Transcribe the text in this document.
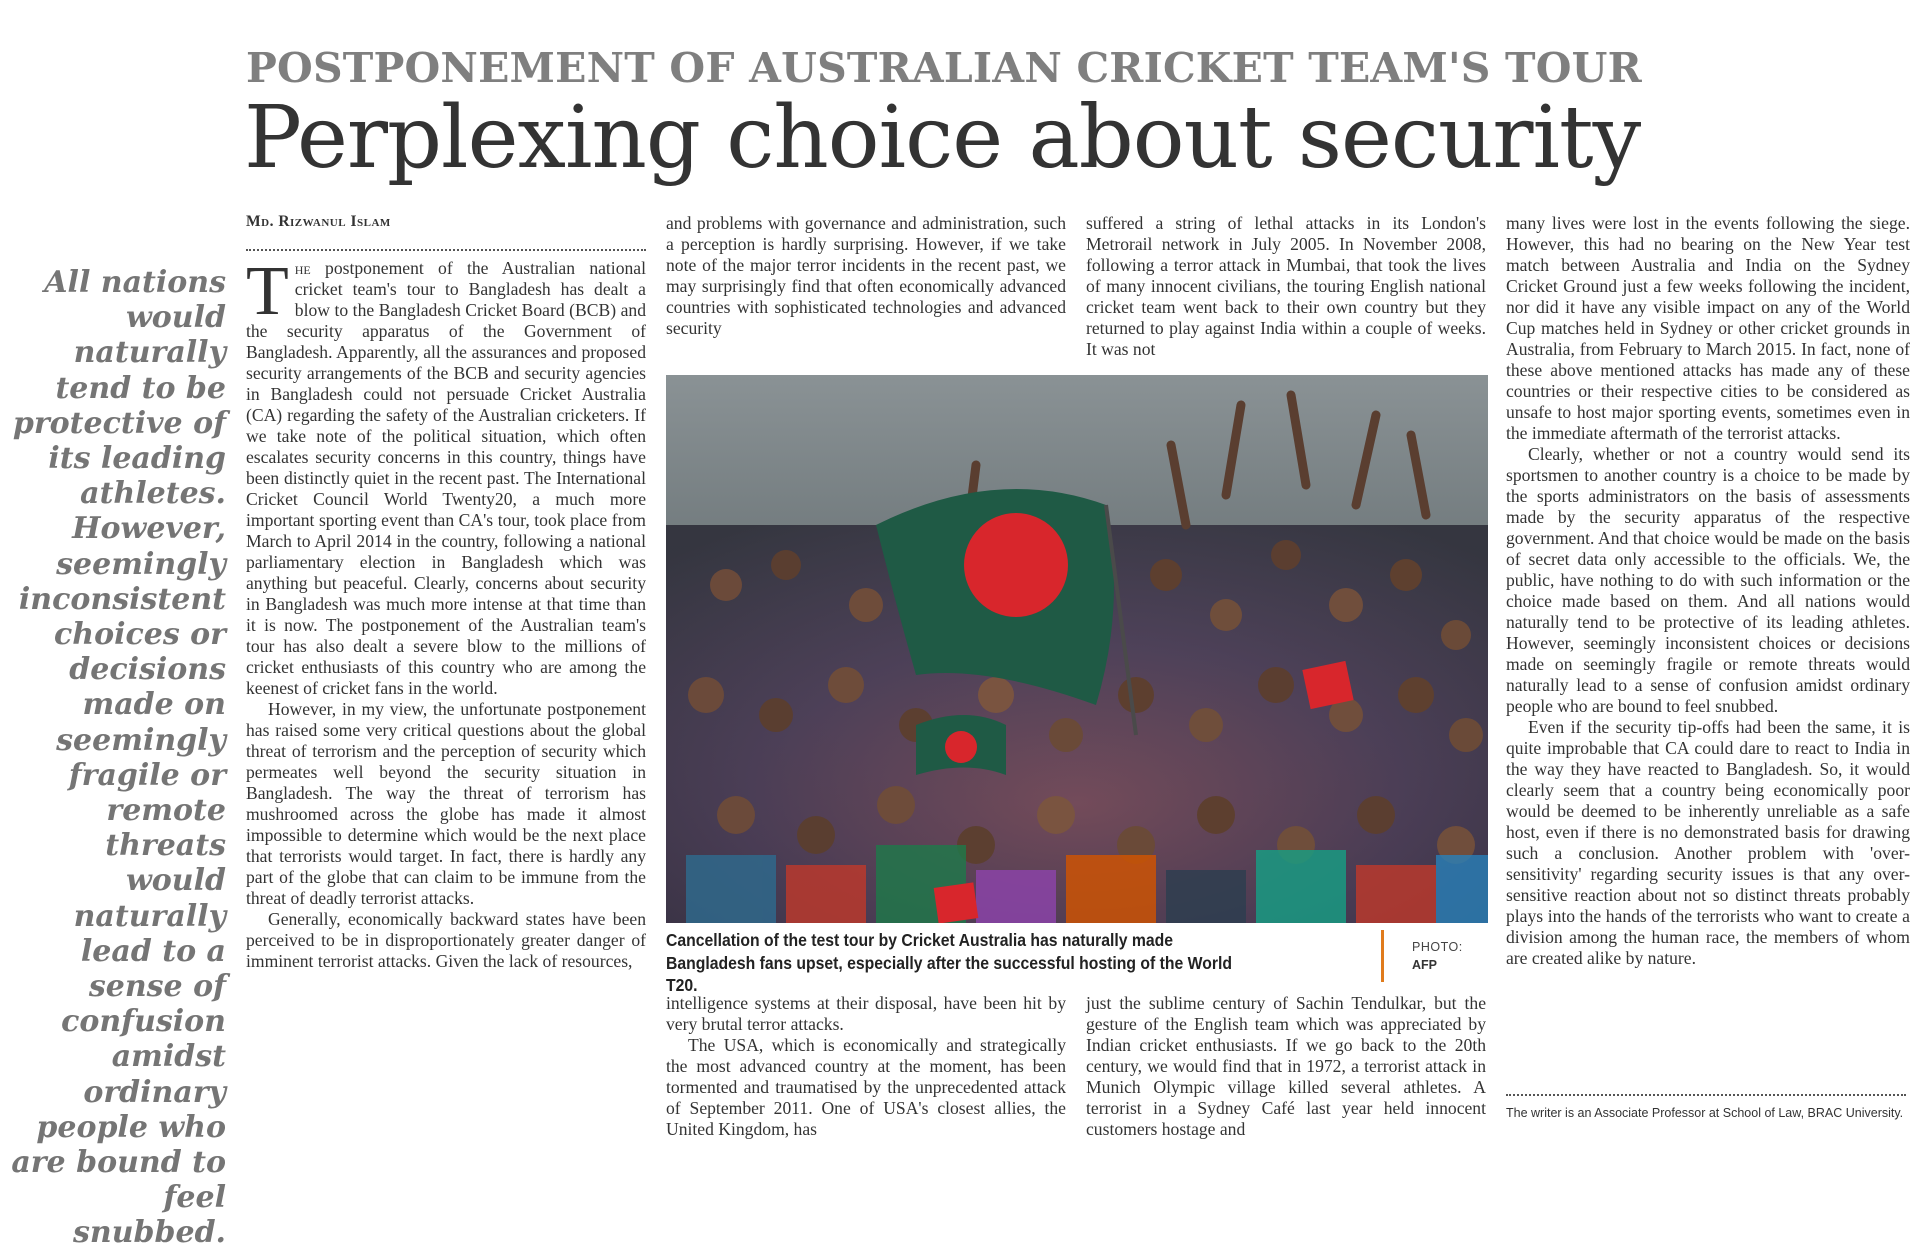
POSTPONEMENT OF AUSTRALIAN CRICKET TEAM'S TOUR
Perplexing choice about security
All nations would naturally tend to be protective of its leading athletes. However, seemingly inconsistent choices or decisions made on seemingly fragile or remote threats would naturally lead to a sense of confusion amidst ordinary people who are bound to feel snubbed.
Md. Rizwanul Islam

The postponement of the Australian national cricket team's tour to Bangladesh has dealt a blow to the Bangladesh Cricket Board (BCB) and the security apparatus of the Government of Bangladesh. Apparently, all the assurances and proposed security arrangements of the BCB and security agencies in Bangladesh could not persuade Cricket Australia (CA) regarding the safety of the Australian cricketers. If we take note of the political situation, which often escalates security concerns in this country, things have been distinctly quiet in the recent past. The International Cricket Council World Twenty20, a much more important sporting event than CA's tour, took place from March to April 2014 in the country, following a national parliamentary election in Bangladesh which was anything but peaceful. Clearly, concerns about security in Bangladesh was much more intense at that time than it is now. The postponement of the Australian team's tour has also dealt a severe blow to the millions of cricket enthusiasts of this country who are among the keenest of cricket fans in the world.

However, in my view, the unfortunate postponement has raised some very critical questions about the global threat of terrorism and the perception of security which permeates well beyond the security situation in Bangladesh. The way the threat of terrorism has mushroomed across the globe has made it almost impossible to determine which would be the next place that terrorists would target. In fact, there is hardly any part of the globe that can claim to be immune from the threat of deadly terrorist attacks.

Generally, economically backward states have been perceived to be in disproportionately greater danger of imminent terrorist attacks. Given the lack of resources,

and problems with governance and administration, such a perception is hardly surprising. However, if we take note of the major terror incidents in the recent past, we may surprisingly find that often economically advanced countries with sophisticated technologies and advanced security

suffered a string of lethal attacks in its London's Metrorail network in July 2005. In November 2008, following a terror attack in Mumbai, that took the lives of many innocent civilians, the touring English national cricket team went back to their own country but they returned to play against India within a couple of weeks. It was not

Cancellation of the test tour by Cricket Australia has naturally made Bangladesh fans upset, especially after the successful hosting of the World T20.
PHOTO:
AFP

intelligence systems at their disposal, have been hit by very brutal terror attacks.

The USA, which is economically and strategically the most advanced country at the moment, has been tormented and traumatised by the unprecedented attack of September 2011. One of USA's closest allies, the United Kingdom, has

just the sublime century of Sachin Tendulkar, but the gesture of the English team which was appreciated by Indian cricket enthusiasts. If we go back to the 20th century, we would find that in 1972, a terrorist attack in Munich Olympic village killed several athletes. A terrorist in a Sydney Café last year held innocent customers hostage and

many lives were lost in the events following the siege. However, this had no bearing on the New Year test match between Australia and India on the Sydney Cricket Ground just a few weeks following the incident, nor did it have any visible impact on any of the World Cup matches held in Sydney or other cricket grounds in Australia, from February to March 2015. In fact, none of these above mentioned attacks has made any of these countries or their respective cities to be considered as unsafe to host major sporting events, sometimes even in the immediate aftermath of the terrorist attacks.

Clearly, whether or not a country would send its sportsmen to another country is a choice to be made by the sports administrators on the basis of assessments made by the security apparatus of the respective government. And that choice would be made on the basis of secret data only accessible to the officials. We, the public, have nothing to do with such information or the choice made based on them. And all nations would naturally tend to be protective of its leading athletes. However, seemingly inconsistent choices or decisions made on seemingly fragile or remote threats would naturally lead to a sense of confusion amidst ordinary people who are bound to feel snubbed.

Even if the security tip-offs had been the same, it is quite improbable that CA could dare to react to India in the way they have reacted to Bangladesh. So, it would clearly seem that a country being economically poor would be deemed to be inherently unreliable as a safe host, even if there is no demonstrated basis for drawing such a conclusion. Another problem with 'over-sensitivity' regarding security issues is that any over-sensitive reaction about not so distinct threats probably plays into the hands of the terrorists who want to create a division among the human race, the members of whom are created alike by nature.

The writer is an Associate Professor at School of Law, BRAC University.
